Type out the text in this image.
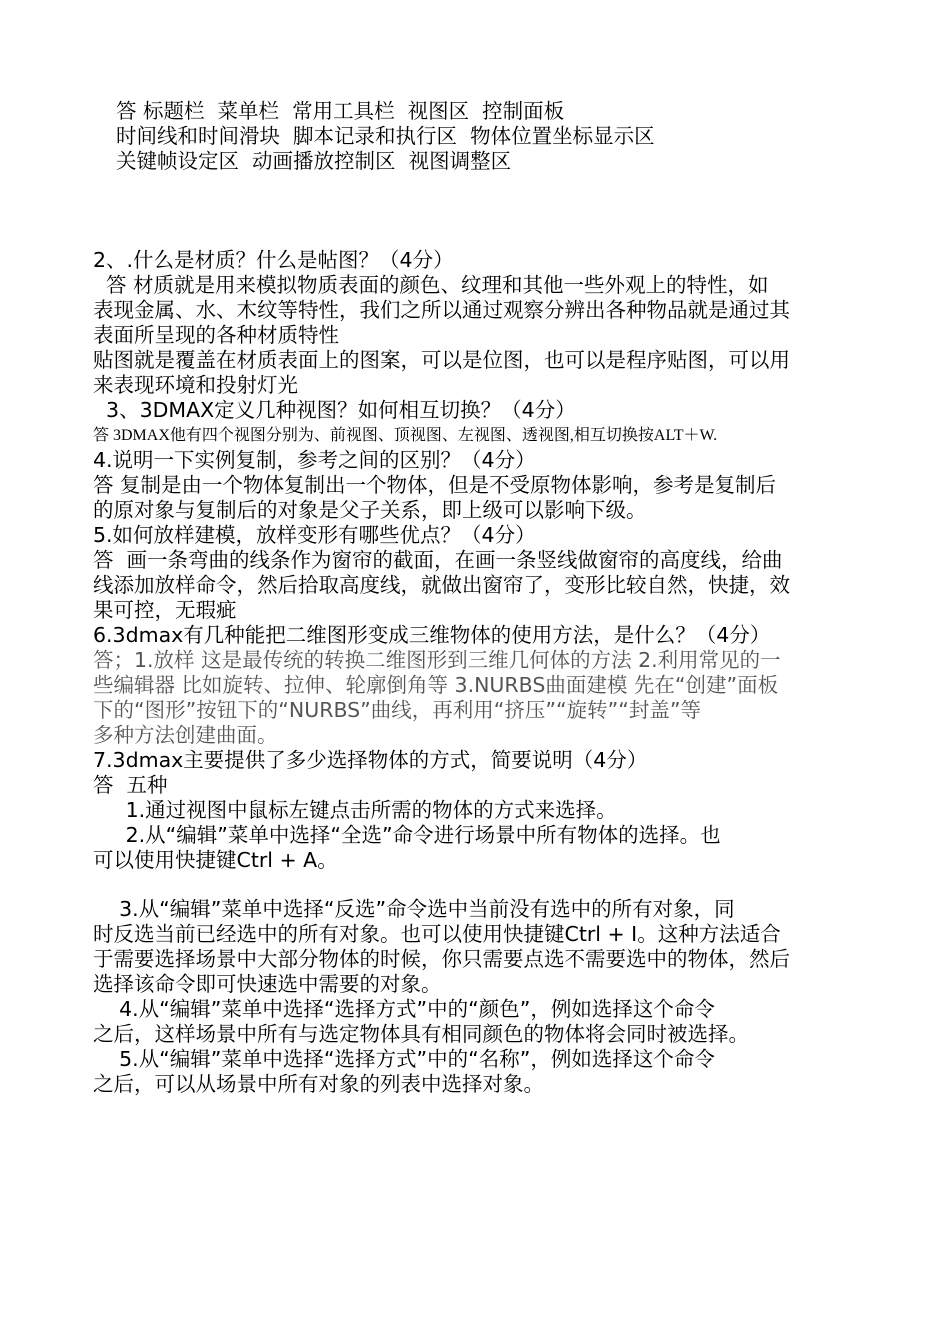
答 标题栏  菜单栏  常用工具栏  视图区  控制面板
时间线和时间滑块  脚本记录和执行区  物体位置坐标显示区
关键帧设定区  动画播放控制区  视图调整区
2、.什么是材质？什么是帖图？（4分）
答 材质就是用来模拟物质表面的颜色、纹理和其他一些外观上的特性，如
表现金属、水、木纹等特性，我们之所以通过观察分辨出各种物品就是通过其
表面所呈现的各种材质特性
贴图就是覆盖在材质表面上的图案，可以是位图，也可以是程序贴图，可以用
来表现环境和投射灯光
3、3DMAX定义几种视图？如何相互切换？（4分）
答 3DMAX他有四个视图分别为、前视图、顶视图、左视图、透视图,相互切换按ALT＋W.
4.说明一下实例复制，参考之间的区别？（4分）
答 复制是由一个物体复制出一个物体，但是不受原物体影响，参考是复制后
的原对象与复制后的对象是父子关系，即上级可以影响下级。
5.如何放样建模，放样变形有哪些优点？（4分）
答  画一条弯曲的线条作为窗帘的截面，在画一条竖线做窗帘的高度线，给曲
线添加放样命令，然后拾取高度线，就做出窗帘了，变形比较自然，快捷，效
果可控，无瑕疵
6.3dmax有几种能把二维图形变成三维物体的使用方法，是什么？（4分）
答；1.放样 这是最传统的转换二维图形到三维几何体的方法 2.利用常见的一
些编辑器 比如旋转、拉伸、轮廓倒角等 3.NURBS曲面建模 先在“创建”面板
下的“图形”按钮下的“NURBS”曲线，再利用“挤压”“旋转”“封盖”等
多种方法创建曲面。
7.3dmax主要提供了多少选择物体的方式，简要说明（4分）
答  五种
1.通过视图中鼠标左键点击所需的物体的方式来选择。
2.从“编辑”菜单中选择“全选”命令进行场景中所有物体的选择。也
可以使用快捷键Ctrl + A。
3.从“编辑”菜单中选择“反选”命令选中当前没有选中的所有对象，同
时反选当前已经选中的所有对象。也可以使用快捷键Ctrl + I。这种方法适合
于需要选择场景中大部分物体的时候，你只需要点选不需要选中的物体，然后
选择该命令即可快速选中需要的对象。
4.从“编辑”菜单中选择“选择方式”中的“颜色”，例如选择这个命令
之后，这样场景中所有与选定物体具有相同颜色的物体将会同时被选择。
5.从“编辑”菜单中选择“选择方式”中的“名称”，例如选择这个命令
之后，可以从场景中所有对象的列表中选择对象。
